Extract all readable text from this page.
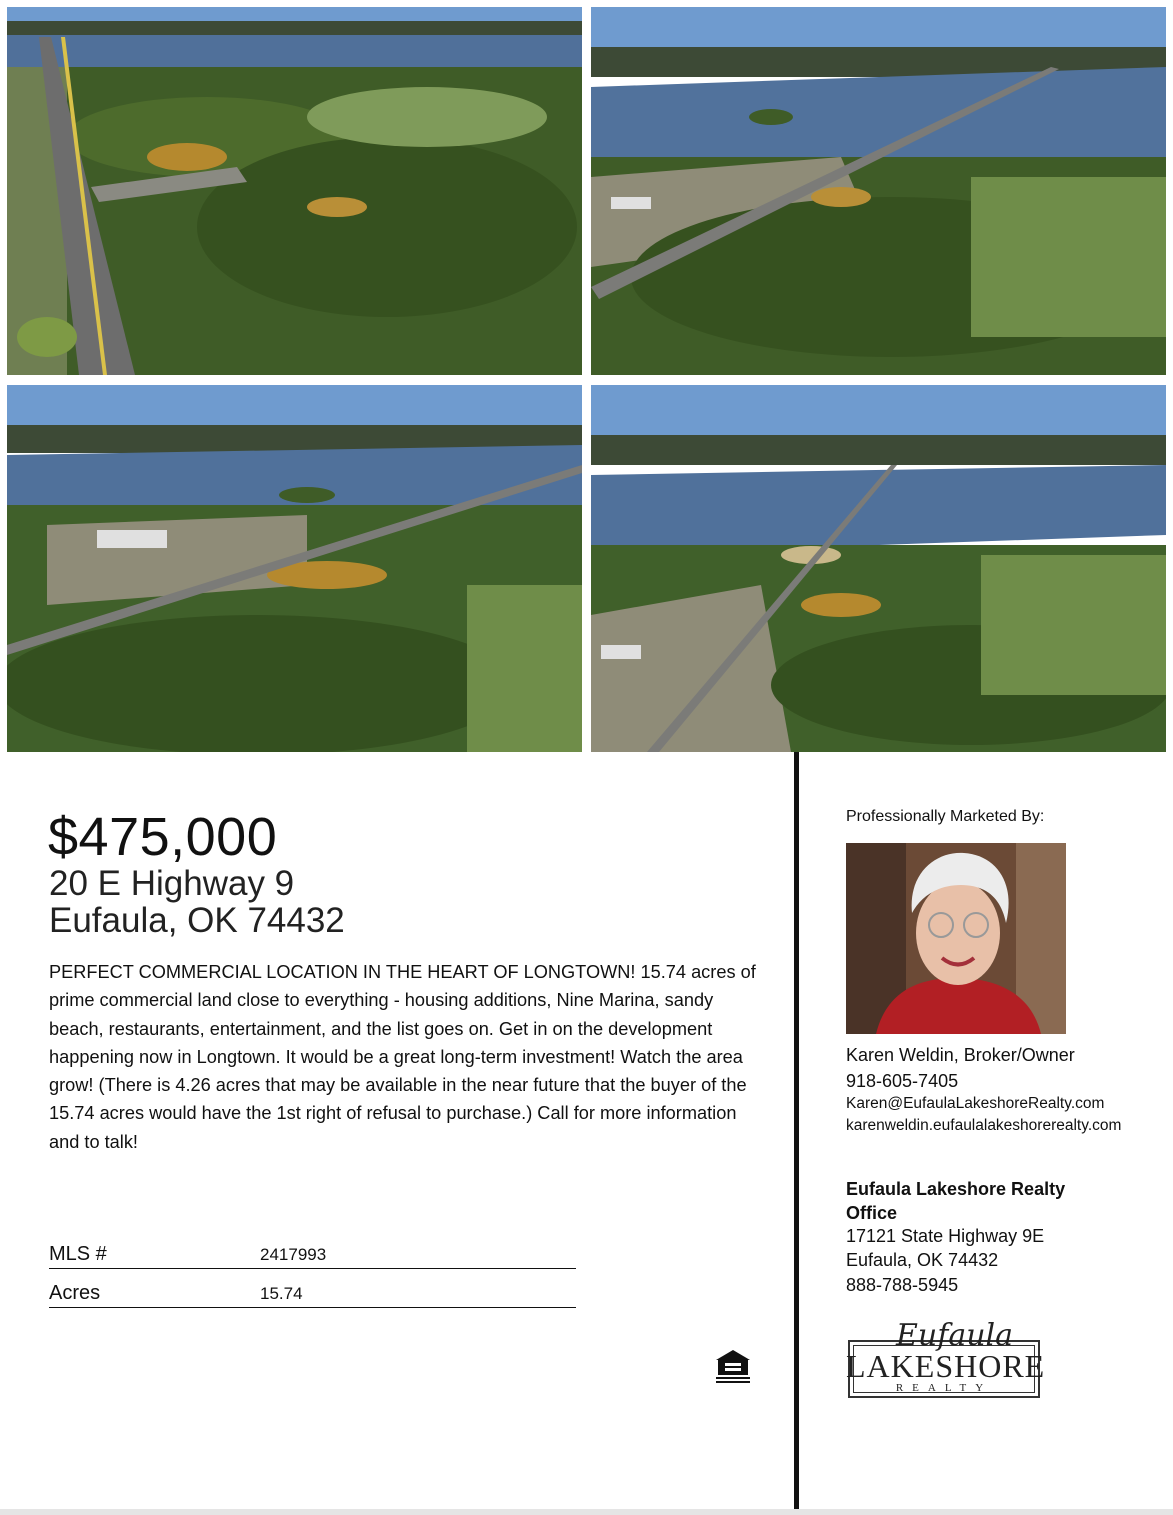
$475,000
20 E Highway 9
Eufaula, OK 74432
PERFECT COMMERCIAL LOCATION IN THE HEART OF LONGTOWN! 15.74 acres of prime commercial land close to everything - housing additions, Nine Marina, sandy beach, restaurants, entertainment, and the list goes on. Get in on the development happening now in Longtown. It would be a great long-term investment! Watch the area grow! (There is 4.26 acres that may be available in the near future that the buyer of the 15.74 acres would have the 1st right of refusal to purchase.) Call for more information and to talk!
MLS #	2417993
Acres	15.74
Professionally Marketed By:
Karen Weldin, Broker/Owner
918-605-7405
Karen@EufaulaLakeshoreRealty.com
karenweldin.eufaulalakeshorerealty.com
Eufaula Lakeshore Realty Office
17121 State Highway 9E
Eufaula, OK 74432
888-788-5945
Eufaula
LAKESHORE
REALTY
